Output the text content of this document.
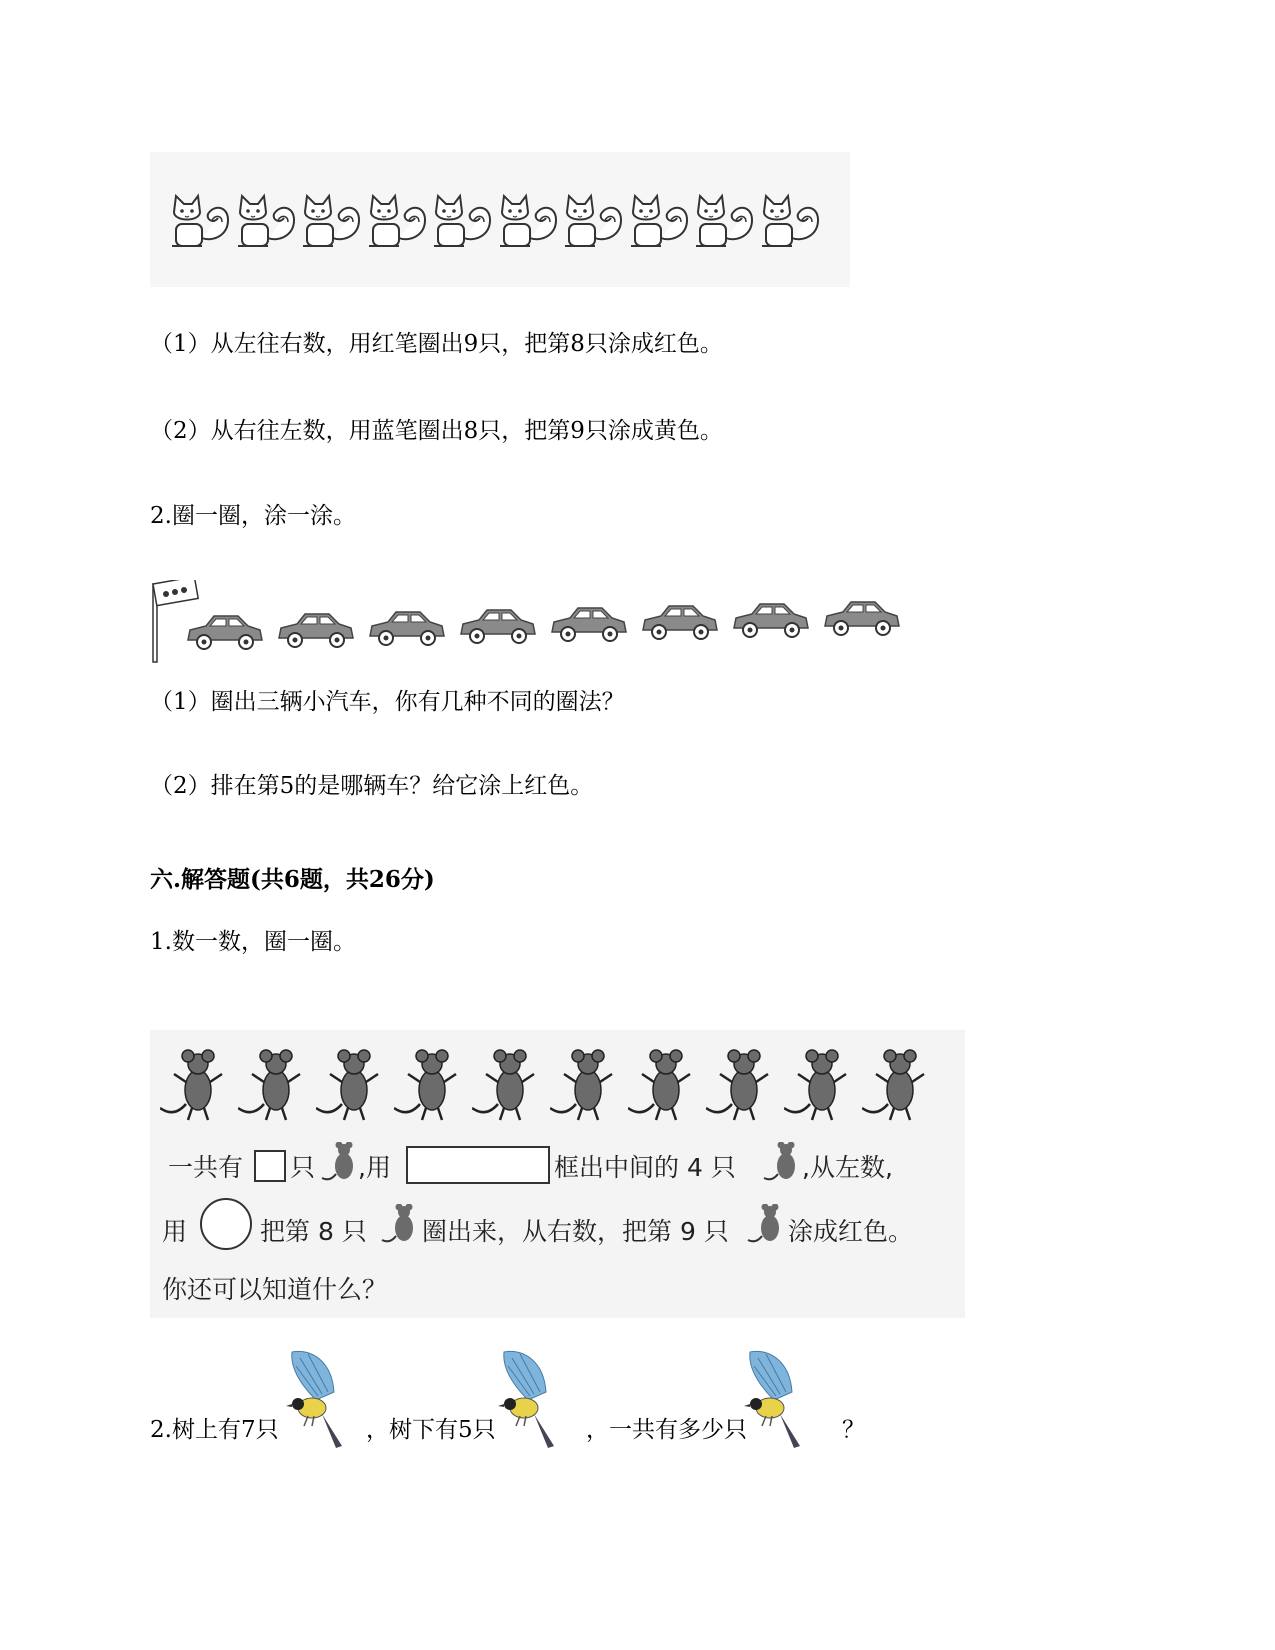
（1）从左往右数，用红笔圈出9只，把第8只涂成红色。
（2）从右往左数，用蓝笔圈出8只，把第9只涂成黄色。
2.圈一圈，涂一涂。
（1）圈出三辆小汽车，你有几种不同的圈法？
（2）排在第5的是哪辆车？给它涂上红色。
六.解答题(共6题，共26分)
1.数一数，圈一圈。
一共有 只 ,用	框出中间的 4 只	,从左数,
用	把第 8 只 圈出来，从右数，把第 9 只 涂成红色。
你还可以知道什么？
2.树上有7只	，树下有5只	，一共有多少只	？
